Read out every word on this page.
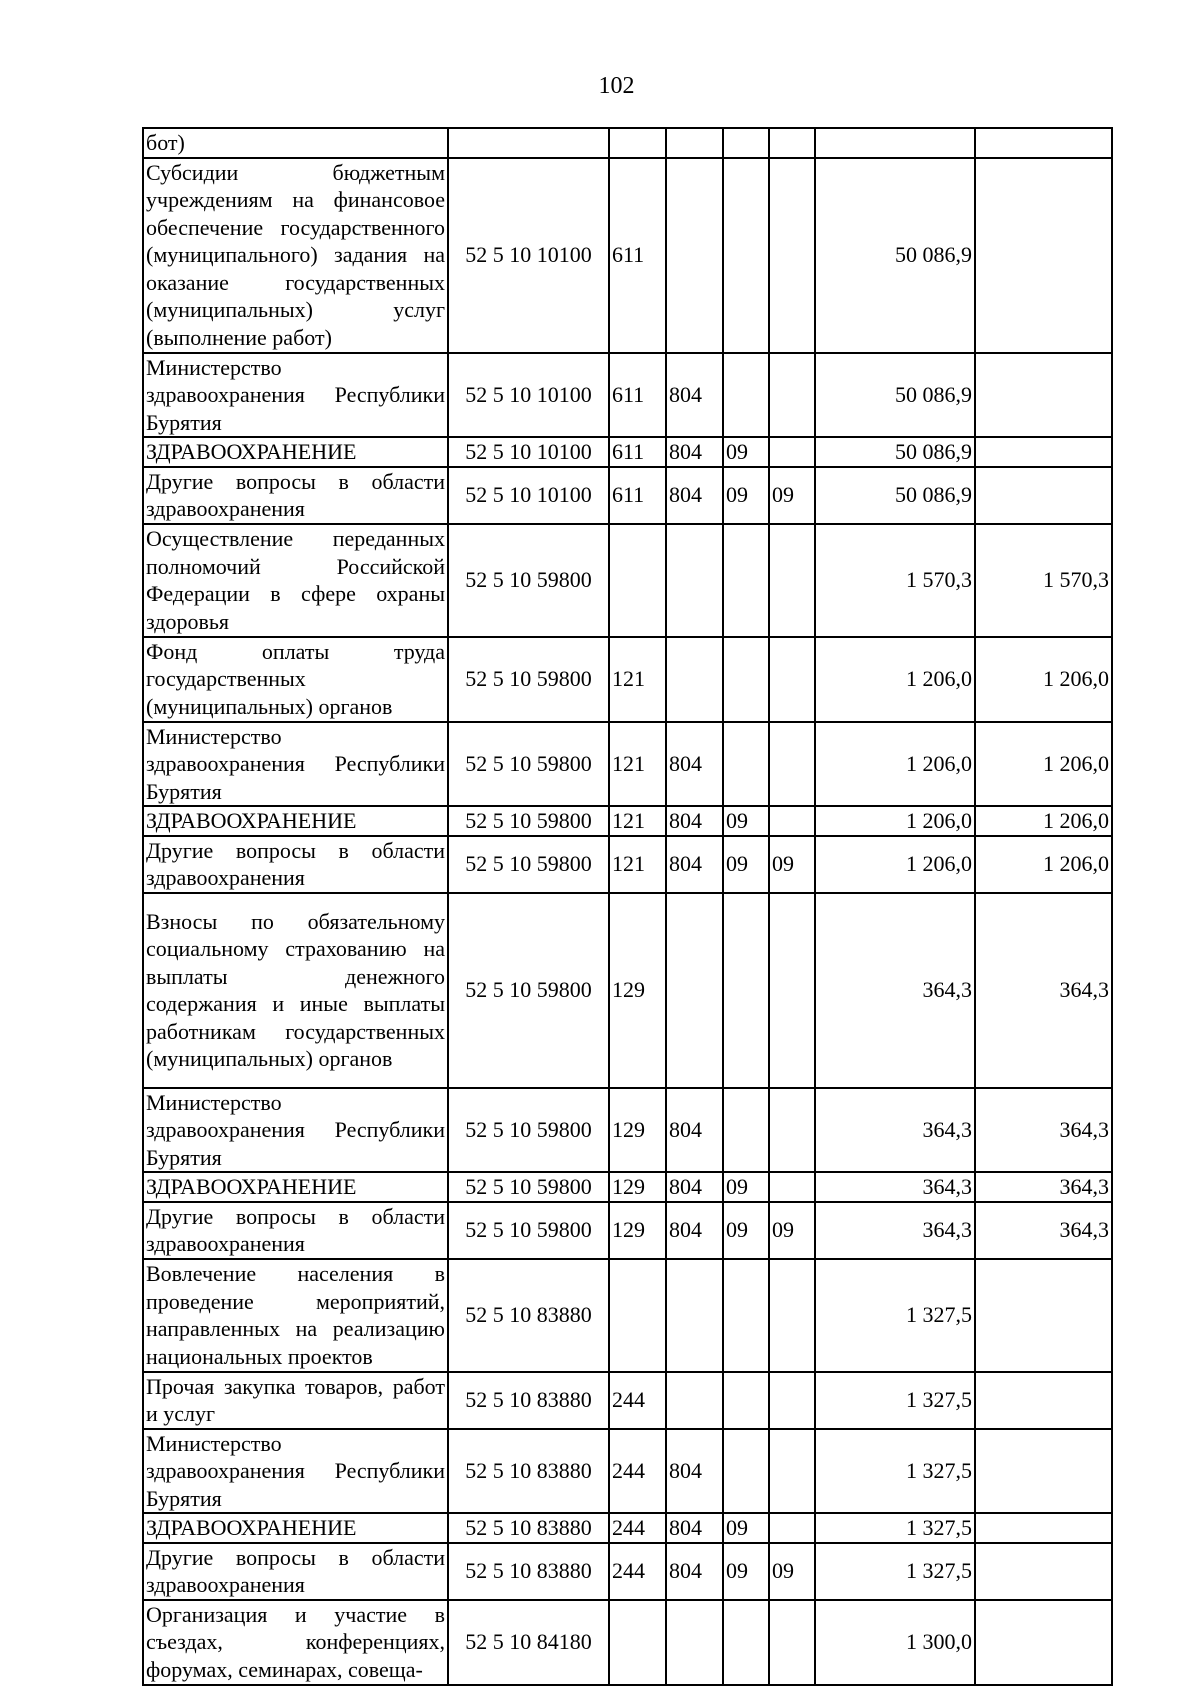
102
бот)							
Субсидии бюджетным учреждениям на финансовое обеспечение государственного (муниципального) задания на оказание государственных (муниципальных) услуг (выполнение работ)	52 5 10 10100	611				50 086,9	
Министерство здравоохранения Республики Бурятия	52 5 10 10100	611	804			50 086,9	
ЗДРАВООХРАНЕНИЕ	52 5 10 10100	611	804	09		50 086,9	
Другие вопросы в области здравоохранения	52 5 10 10100	611	804	09	09	50 086,9	
Осуществление переданных полномочий Российской Федерации в сфере охраны здоровья	52 5 10 59800					1 570,3	1 570,3
Фонд оплаты труда государственных (муниципальных) органов	52 5 10 59800	121				1 206,0	1 206,0
Министерство здравоохранения Республики Бурятия	52 5 10 59800	121	804			1 206,0	1 206,0
ЗДРАВООХРАНЕНИЕ	52 5 10 59800	121	804	09		1 206,0	1 206,0
Другие вопросы в области здравоохранения	52 5 10 59800	121	804	09	09	1 206,0	1 206,0
Взносы по обязательному социальному страхованию на выплаты денежного содержания и иные выплаты работникам государственных (муниципальных) органов	52 5 10 59800	129				364,3	364,3
Министерство здравоохранения Республики Бурятия	52 5 10 59800	129	804			364,3	364,3
ЗДРАВООХРАНЕНИЕ	52 5 10 59800	129	804	09		364,3	364,3
Другие вопросы в области здравоохранения	52 5 10 59800	129	804	09	09	364,3	364,3
Вовлечение населения в проведение мероприятий, направленных на реализацию национальных проектов	52 5 10 83880					1 327,5	
Прочая закупка товаров, работ и услуг	52 5 10 83880	244				1 327,5	
Министерство здравоохранения Республики Бурятия	52 5 10 83880	244	804			1 327,5	
ЗДРАВООХРАНЕНИЕ	52 5 10 83880	244	804	09		1 327,5	
Другие вопросы в области здравоохранения	52 5 10 83880	244	804	09	09	1 327,5	
Организация и участие в съездах, конференциях, форумах, семинарах, совеща-	52 5 10 84180					1 300,0	
